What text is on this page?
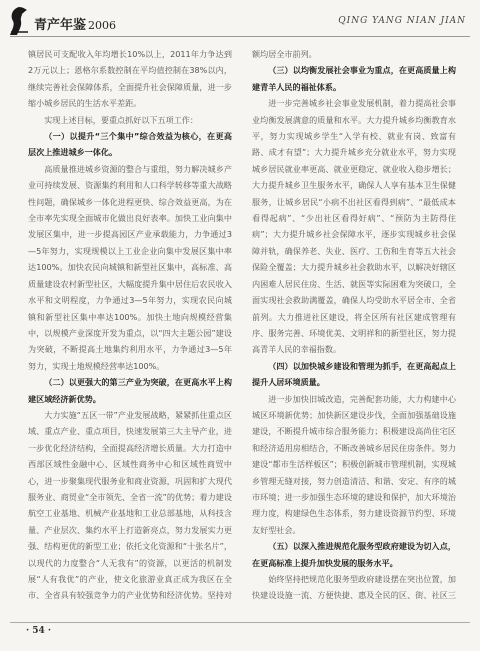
青产年鉴 2006	QING YANG NIAN JIAN

镇居民可支配收入年均增长10%以上，2011年力争达到2万元以上；恩格尔系数控制在平均值控制在38%以内，继续完善社会保障体系，全面提升社会保障质量，进一步缩小城乡居民的生活水平差距。

实现上述目标，要重点抓好以下五项工作：

（一）以提升“三个集中”综合效益为核心，在更高层次上推进城乡一体化。

高质量推进城乡资源的整合与重组，努力解决城乡产业可持续发展、资源集约利用和人口科学转移等重大战略性问题，确保城乡一体化进程更快、综合效益更高，为在全市率先实现全面城市化做出良好表率。加快工业向集中发展区集中，进一步提高园区产业承载能力，力争通过3—5年努力，实现规模以上工业企业向集中发展区集中率达100%。加快农民向城镇和新型社区集中，高标准、高质量建设农村新型社区，大幅度提升集中居住后农民收入水平和文明程度，力争通过3—5年努力，实现农民向城镇和新型社区集中率达100%。加快土地向规模经营集中，以规模产业深度开发为重点，以“四大主题公园”建设为突破，不断提高土地集约利用水平，力争通过3—5年努力，实现土地规模经营率达100%。

（二）以更强大的第三产业为突破，在更高水平上构建区域经济新优势。

大力实施“五区一带”产业发展战略，紧紧抓住重点区域、重点产业、重点项目，快速发展第三大主导产业，进一步优化经济结构，全面提高经济增长质量。大力打造中西部区域性金融中心、区域性商务中心和区域性商贸中心，进一步聚集现代服务业和商业资源，巩固和扩大现代服务业、商贸业“全市领先、全省一流”的优势；着力建设航空工业基地、机械产业基地和工业总部基地，从科技含量、产业层次、集约水平上打造新亮点，努力发展实力更强、结构更优的新型工业；依托文化资源和“十张名片”，以现代的力度整合“人无我有”的资源，以更活的机制发展“人有我优”的产业，使文化旅游业真正成为我区在全市、全省具有较强竞争力的产业优势和经济优势。坚持对

额均居全市前列。

（三）以均衡发展社会事业为重点，在更高质量上构建青羊人民的福祉体系。

进一步完善城乡社会事业发展机制，着力提高社会事业均衡发展满意的质量和水平。大力提升城乡均衡教育水平，努力实现城乡学生“入学有校、就业有岗、致富有路、成才有望”；大力提升城乡充分就业水平，努力实现城乡居民就业率更高、就业更稳定、就业收入稳步增长；大力提升城乡卫生服务水平，确保人人享有基本卫生保健服务，让城乡居民“小病不出社区看得到病”、“最低成本看得起病”、“少出社区看得好病”、“预防为主防得住病”；大力提升城乡社会保障水平，逐步实现城乡社会保障并轨，确保养老、失业、医疗、工伤和生育等五大社会保险全覆盖；大力提升城乡社会救助水平，以解决好辖区内困难人居民住房、生活、就医等实际困难为突破口，全面实现社会救助满覆盖，确保人均受助水平居全市、全省前列。大力推进社区建设，将全区所有社区建成管理有序、服务完善、环境优美、文明祥和的新型社区，努力提高青羊人民的幸福指数。

（四）以加快城乡建设和管理为抓手，在更高起点上提升人居环境质量。

进一步加快旧城改造，完善配套功能，大力构建中心城区环境新优势；加快新区建设步伐，全面加强基础设施建设，不断提升城市综合服务能力；积极建设高尚住宅区和经济适用房相结合，不断改善城乡居民住房条件。努力建设“都市生活样板区”；积极创新城市管理机制，实现城乡管理无缝对接，努力创造清洁、和谐、安定、有序的城市环境；进一步加强生态环境的建设和保护，加大环境治理力度，构建绿色生态体系，努力建设资源节约型、环境友好型社会。

（五）以深入推进规范化服务型政府建设为切入点，在更高标准上提升加快发展的服务水平。

始终坚持把规范化服务型政府建设摆在突出位置，加快建设设施一流、方便快捷、惠及全民的区、街、社区三

· 54 ·
